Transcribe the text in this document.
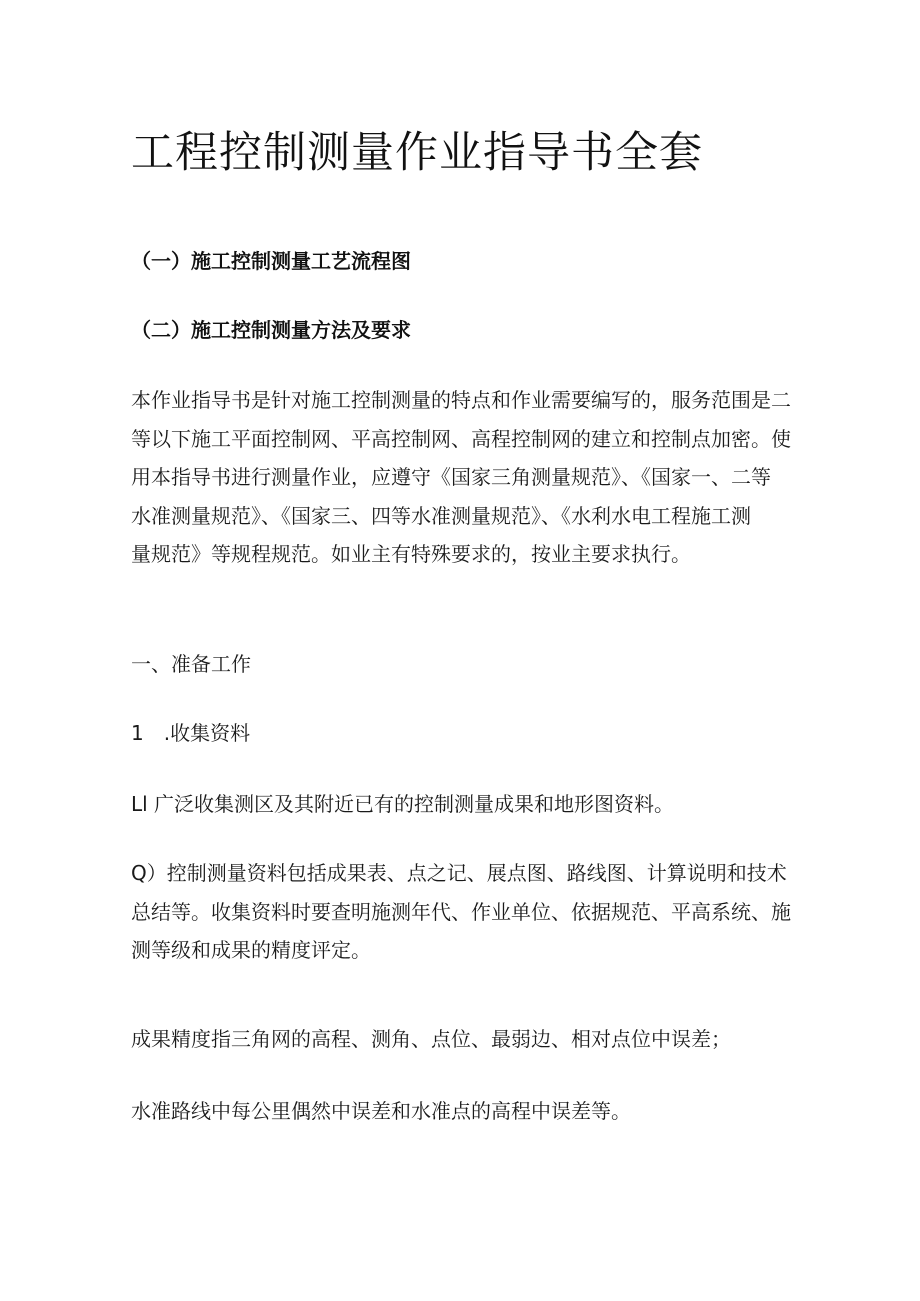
工程控制测量作业指导书全套
（一）施工控制测量工艺流程图
（二）施工控制测量方法及要求
本作业指导书是针对施工控制测量的特点和作业需要编写的，服务范围是二
等以下施工平面控制网、平高控制网、高程控制网的建立和控制点加密。使
用本指导书进行测量作业，应遵守《国家三角测量规范》、《国家一、二等
水准测量规范》、《国家三、四等水准测量规范》、《水利水电工程施工测
量规范》等规程规范。如业主有特殊要求的，按业主要求执行。

一、准备工作

1　.收集资料

Ll 广泛收集测区及其附近已有的控制测量成果和地形图资料。

Q）控制测量资料包括成果表、点之记、展点图、路线图、计算说明和技术
总结等。收集资料时要查明施测年代、作业单位、依据规范、平高系统、施
测等级和成果的精度评定。

成果精度指三角网的高程、测角、点位、最弱边、相对点位中误差；

水准路线中每公里偶然中误差和水准点的高程中误差等。
